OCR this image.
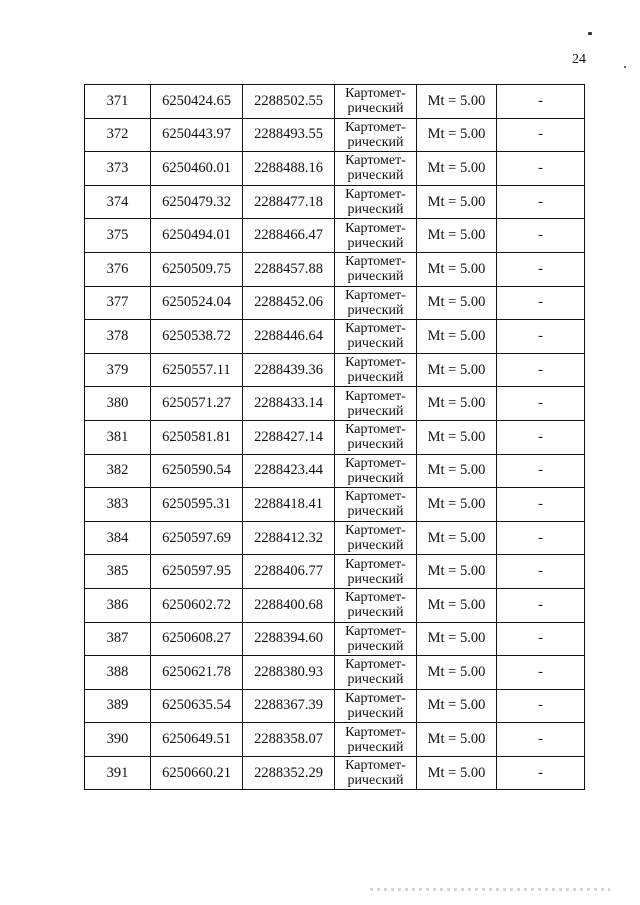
24
371	6250424.65	2288502.55	Картомет-
рический	Mt = 5.00	-
372	6250443.97	2288493.55	Картомет-
рический	Mt = 5.00	-
373	6250460.01	2288488.16	Картомет-
рический	Mt = 5.00	-
374	6250479.32	2288477.18	Картомет-
рический	Mt = 5.00	-
375	6250494.01	2288466.47	Картомет-
рический	Mt = 5.00	-
376	6250509.75	2288457.88	Картомет-
рический	Mt = 5.00	-
377	6250524.04	2288452.06	Картомет-
рический	Mt = 5.00	-
378	6250538.72	2288446.64	Картомет-
рический	Mt = 5.00	-
379	6250557.11	2288439.36	Картомет-
рический	Mt = 5.00	-
380	6250571.27	2288433.14	Картомет-
рический	Mt = 5.00	-
381	6250581.81	2288427.14	Картомет-
рический	Mt = 5.00	-
382	6250590.54	2288423.44	Картомет-
рический	Mt = 5.00	-
383	6250595.31	2288418.41	Картомет-
рический	Mt = 5.00	-
384	6250597.69	2288412.32	Картомет-
рический	Mt = 5.00	-
385	6250597.95	2288406.77	Картомет-
рический	Mt = 5.00	-
386	6250602.72	2288400.68	Картомет-
рический	Mt = 5.00	-
387	6250608.27	2288394.60	Картомет-
рический	Mt = 5.00	-
388	6250621.78	2288380.93	Картомет-
рический	Mt = 5.00	-
389	6250635.54	2288367.39	Картомет-
рический	Mt = 5.00	-
390	6250649.51	2288358.07	Картомет-
рический	Mt = 5.00	-
391	6250660.21	2288352.29	Картомет-
рический	Mt = 5.00	-
